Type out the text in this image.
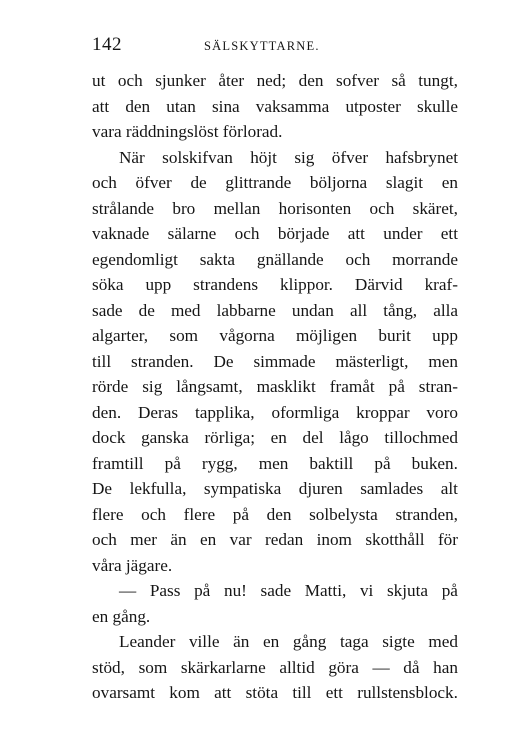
142	SÄLSKYTTARNE.
ut och sjunker åter ned; den sofver så tungt,
att den utan sina vaksamma utposter skulle
vara räddningslöst förlorad.
När solskifvan höjt sig öfver hafsbrynet
och öfver de glittrande böljorna slagit en
strålande bro mellan horisonten och skäret,
vaknade sälarne och började att under ett
egendomligt sakta gnällande och morrande
söka upp strandens klippor. Därvid kraf-
sade de med labbarne undan all tång, alla
algarter, som vågorna möjligen burit upp
till stranden. De simmade mästerligt, men
rörde sig långsamt, masklikt framåt på stran-
den. Deras tapplika, oformliga kroppar voro
dock ganska rörliga; en del lågo tillochmed
framtill på rygg, men baktill på buken.
De lekfulla, sympatiska djuren samlades alt
flere och flere på den solbelysta stranden,
och mer än en var redan inom skotthåll för
våra jägare.
— Pass på nu! sade Matti, vi skjuta på
en gång.
Leander ville än en gång taga sigte med
stöd, som skärkarlarne alltid göra — då han
ovarsamt kom att stöta till ett rullstensblock.
